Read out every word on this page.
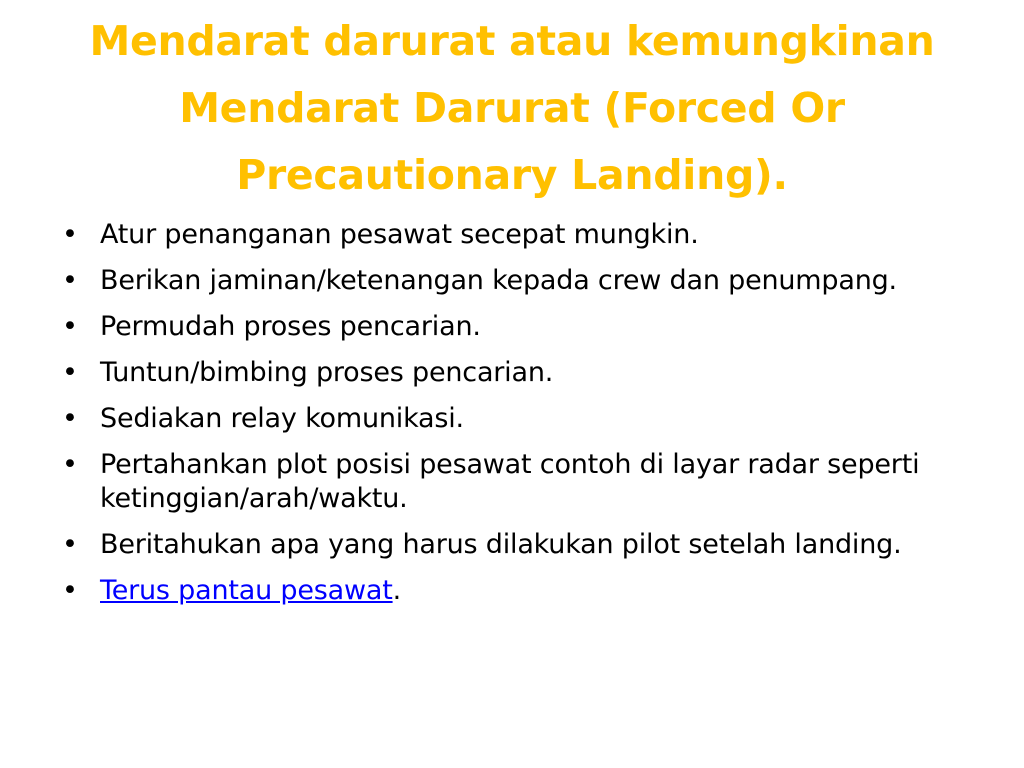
Mendarat darurat atau kemungkinan Mendarat Darurat (Forced Or Precautionary Landing).
• Atur penanganan pesawat secepat mungkin.
• Berikan jaminan/ketenangan kepada crew dan penumpang.
• Permudah proses pencarian.
• Tuntun/bimbing proses pencarian.
• Sediakan relay komunikasi.
• Pertahankan plot posisi pesawat contoh di layar radar seperti ketinggian/arah/waktu.
• Beritahukan apa yang harus dilakukan pilot setelah landing.
• Terus pantau pesawat.
